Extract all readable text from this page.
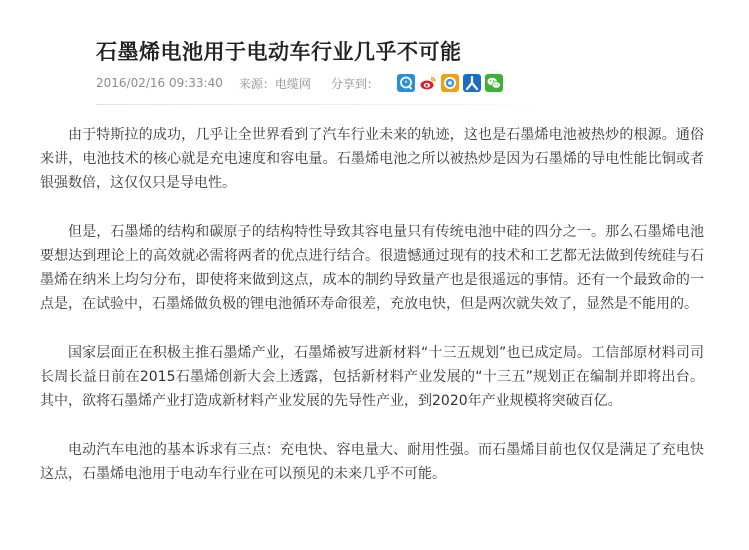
石墨烯电池用于电动车行业几乎不可能
2016/02/16 09:33:40 来源： 电缆网 分享到：

由于特斯拉的成功，几乎让全世界看到了汽车行业未来的轨迹，这也是石墨烯电池被热炒的根源。通俗来讲，电池技术的核心就是充电速度和容电量。石墨烯电池之所以被热炒是因为石墨烯的导电性能比铜或者银强数倍，这仅仅只是导电性。

但是，石墨烯的结构和碳原子的结构特性导致其容电量只有传统电池中硅的四分之一。那么石墨烯电池要想达到理论上的高效就必需将两者的优点进行结合。很遗憾通过现有的技术和工艺都无法做到传统硅与石墨烯在纳米上均匀分布，即使将来做到这点，成本的制约导致量产也是很遥远的事情。还有一个最致命的一点是，在试验中，石墨烯做负极的锂电池循环寿命很差，充放电快，但是两次就失效了，显然是不能用的。

国家层面正在积极主推石墨烯产业，石墨烯被写进新材料“十三五规划”也已成定局。工信部原材料司司长周长益日前在2015石墨烯创新大会上透露，包括新材料产业发展的“十三五”规划正在编制并即将出台。其中，欲将石墨烯产业打造成新材料产业发展的先导性产业，到2020年产业规模将突破百亿。

电动汽车电池的基本诉求有三点：充电快、容电量大、耐用性强。而石墨烯目前也仅仅是满足了充电快这点，石墨烯电池用于电动车行业在可以预见的未来几乎不可能。
